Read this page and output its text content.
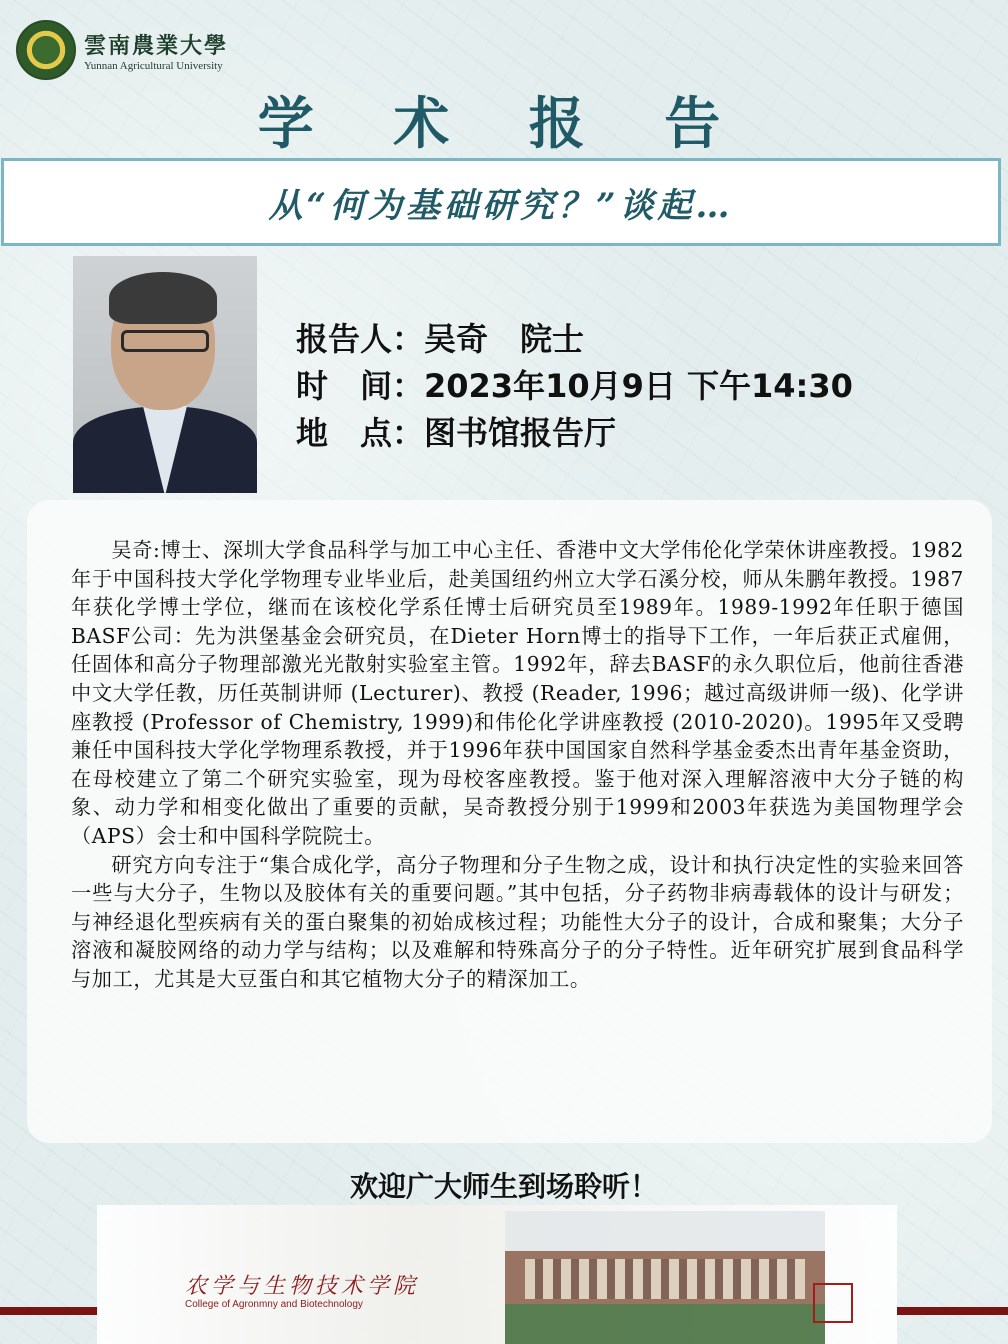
雲南農業大學
Yunnan Agricultural University
学 术 报 告
从“何为基础研究？”谈起…
报告人：吴奇　院士
时　间：2023年10月9日 下午14:30
地　点：图书馆报告厅

吴奇:博士、深圳大学食品科学与加工中心主任、香港中文大学伟伦化学荣休讲座教授。1982年于中国科技大学化学物理专业毕业后，赴美国纽约州立大学石溪分校，师从朱鹏年教授。1987年获化学博士学位，继而在该校化学系任博士后研究员至1989年。1989-1992年任职于德国BASF公司：先为洪堡基金会研究员，在Dieter Horn博士的指导下工作，一年后获正式雇佣，任固体和高分子物理部激光光散射实验室主管。1992年，辞去BASF的永久职位后，他前往香港中文大学任教，历任英制讲师 (Lecturer)、教授 (Reader, 1996；越过高级讲师一级)、化学讲座教授 (Professor of Chemistry, 1999)和伟伦化学讲座教授 (2010-2020)。1995年又受聘兼任中国科技大学化学物理系教授，并于1996年获中国国家自然科学基金委杰出青年基金资助，在母校建立了第二个研究实验室，现为母校客座教授。鉴于他对深入理解溶液中大分子链的构象、动力学和相变化做出了重要的贡献，吴奇教授分别于1999和2003年获选为美国物理学会（APS）会士和中国科学院院士。

研究方向专注于“集合成化学，高分子物理和分子生物之成，设计和执行决定性的实验来回答一些与大分子，生物以及胶体有关的重要问题。”其中包括，分子药物非病毒载体的设计与研发；与神经退化型疾病有关的蛋白聚集的初始成核过程；功能性大分子的设计，合成和聚集；大分子溶液和凝胶网络的动力学与结构；以及难解和特殊高分子的分子特性。近年研究扩展到食品科学与加工，尤其是大豆蛋白和其它植物大分子的精深加工。

欢迎广大师生到场聆听！
农学与生物技术学院
College of Agronmny and Biotechnology
